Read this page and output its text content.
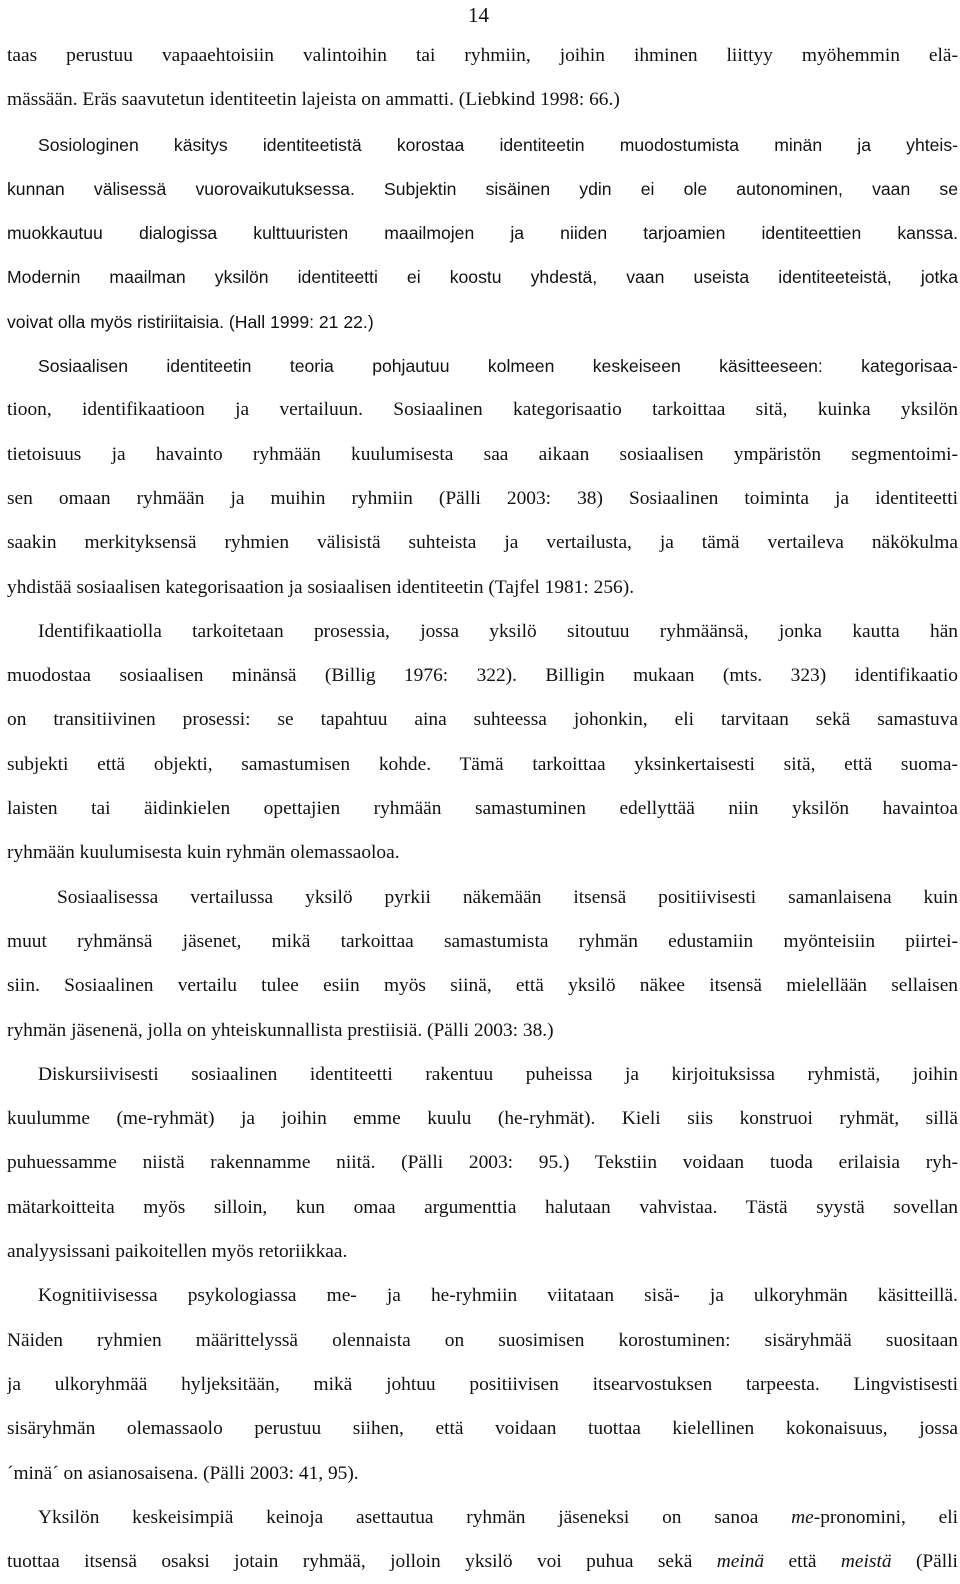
14
taas perustuu vapaaehtoisiin valintoihin tai ryhmiin, joihin ihminen liittyy myöhemmin elä-
mässään. Eräs saavutetun identiteetin lajeista on ammatti. (Liebkind 1998: 66.)
Sosiologinen käsitys identiteetistä korostaa identiteetin muodostumista minän ja yhteis-
kunnan välisessä vuorovaikutuksessa. Subjektin sisäinen ydin ei ole autonominen, vaan se
muokkautuu dialogissa kulttuuristen maailmojen ja niiden tarjoamien identiteettien kanssa.
Modernin maailman yksilön identiteetti ei koostu yhdestä, vaan useista identiteeteistä, jotka
voivat olla myös ristiriitaisia. (Hall 1999: 21 22.)
Sosiaalisen identiteetin teoria pohjautuu kolmeen keskeiseen käsitteeseen: kategorisaa-
tioon, identifikaatioon ja vertailuun. Sosiaalinen kategorisaatio tarkoittaa sitä, kuinka yksilön
tietoisuus ja havainto ryhmään kuulumisesta saa aikaan sosiaalisen ympäristön segmentoimi-
sen omaan ryhmään ja muihin ryhmiin (Pälli 2003: 38) Sosiaalinen toiminta ja identiteetti
saakin merkityksensä ryhmien välisistä suhteista ja vertailusta, ja tämä vertaileva näkökulma
yhdistää sosiaalisen kategorisaation ja sosiaalisen identiteetin (Tajfel 1981: 256).
Identifikaatiolla tarkoitetaan prosessia, jossa yksilö sitoutuu ryhmäänsä, jonka kautta hän
muodostaa sosiaalisen minänsä (Billig 1976: 322). Billigin mukaan (mts. 323) identifikaatio
on transitiivinen prosessi: se tapahtuu aina suhteessa johonkin, eli tarvitaan sekä samastuva
subjekti että objekti, samastumisen kohde. Tämä tarkoittaa yksinkertaisesti sitä, että suoma-
laisten tai äidinkielen opettajien ryhmään samastuminen edellyttää niin yksilön havaintoa
ryhmään kuulumisesta kuin ryhmän olemassaoloa.
Sosiaalisessa vertailussa yksilö pyrkii näkemään itsensä positiivisesti samanlaisena kuin
muut ryhmänsä jäsenet, mikä tarkoittaa samastumista ryhmän edustamiin myönteisiin piirtei-
siin. Sosiaalinen vertailu tulee esiin myös siinä, että yksilö näkee itsensä mielellään sellaisen
ryhmän jäsenenä, jolla on yhteiskunnallista prestiisiä. (Pälli 2003: 38.)
Diskursiivisesti sosiaalinen identiteetti rakentuu puheissa ja kirjoituksissa ryhmistä, joihin
kuulumme (me-ryhmät) ja joihin emme kuulu (he-ryhmät). Kieli siis konstruoi ryhmät, sillä
puhuessamme niistä rakennamme niitä. (Pälli 2003: 95.) Tekstiin voidaan tuoda erilaisia ryh-
mätarkoitteita myös silloin, kun omaa argumenttia halutaan vahvistaa. Tästä syystä sovellan
analyysissani paikoitellen myös retoriikkaa.
Kognitiivisessa psykologiassa me- ja he-ryhmiin viitataan sisä- ja ulkoryhmän käsitteillä.
Näiden ryhmien määrittelyssä olennaista on suosimisen korostuminen: sisäryhmää suositaan
ja ulkoryhmää hyljeksitään, mikä johtuu positiivisen itsearvostuksen tarpeesta. Lingvistisesti
sisäryhmän olemassaolo perustuu siihen, että voidaan tuottaa kielellinen kokonaisuus, jossa
´minä´ on asianosaisena. (Pälli 2003: 41, 95).
Yksilön keskeisimpiä keinoja asettautua ryhmän jäseneksi on sanoa me-pronomini, eli
tuottaa itsensä osaksi jotain ryhmää, jolloin yksilö voi puhua sekä meinä että meistä (Pälli
